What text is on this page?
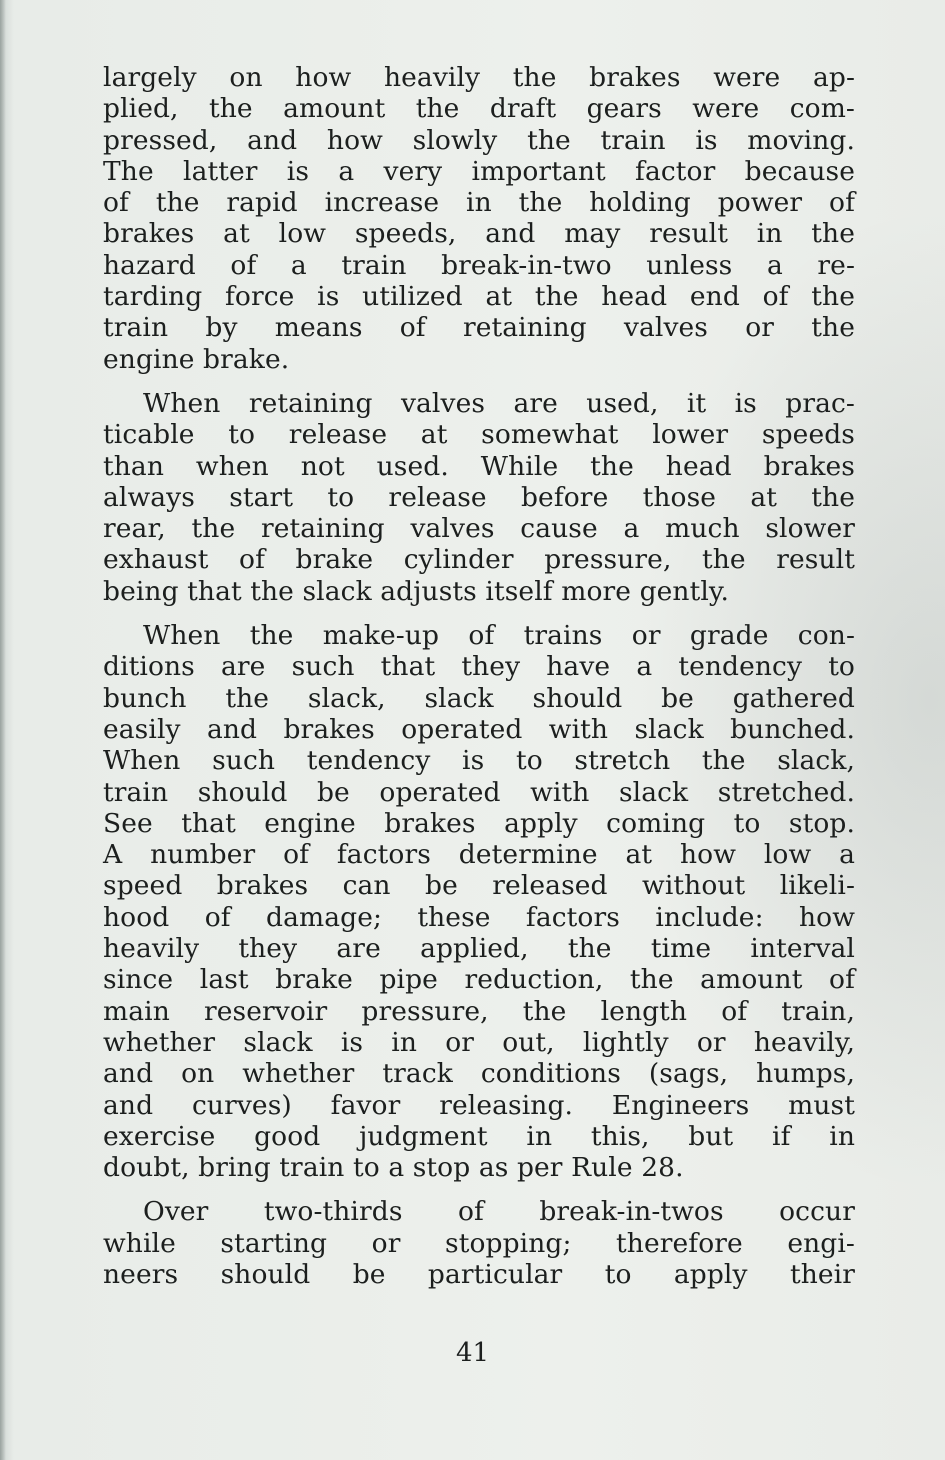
largely on how heavily the brakes were ap-
plied, the amount the draft gears were com-
pressed, and how slowly the train is moving.
The latter is a very important factor because
of the rapid increase in the holding power of
brakes at low speeds, and may result in the
hazard of a train break-in-two unless a re-
tarding force is utilized at the head end of the
train by means of retaining valves or the
engine brake.

When retaining valves are used, it is prac-
ticable to release at somewhat lower speeds
than when not used. While the head brakes
always start to release before those at the
rear, the retaining valves cause a much slower
exhaust of brake cylinder pressure, the result
being that the slack adjusts itself more gently.

When the make-up of trains or grade con-
ditions are such that they have a tendency to
bunch the slack, slack should be gathered
easily and brakes operated with slack bunched.
When such tendency is to stretch the slack,
train should be operated with slack stretched.
See that engine brakes apply coming to stop.
A number of factors determine at how low a
speed brakes can be released without likeli-
hood of damage; these factors include: how
heavily they are applied, the time interval
since last brake pipe reduction, the amount of
main reservoir pressure, the length of train,
whether slack is in or out, lightly or heavily,
and on whether track conditions (sags, humps,
and curves) favor releasing. Engineers must
exercise good judgment in this, but if in
doubt, bring train to a stop as per Rule 28.

Over two-thirds of break-in-twos occur
while starting or stopping; therefore engi-
neers should be particular to apply their

41
